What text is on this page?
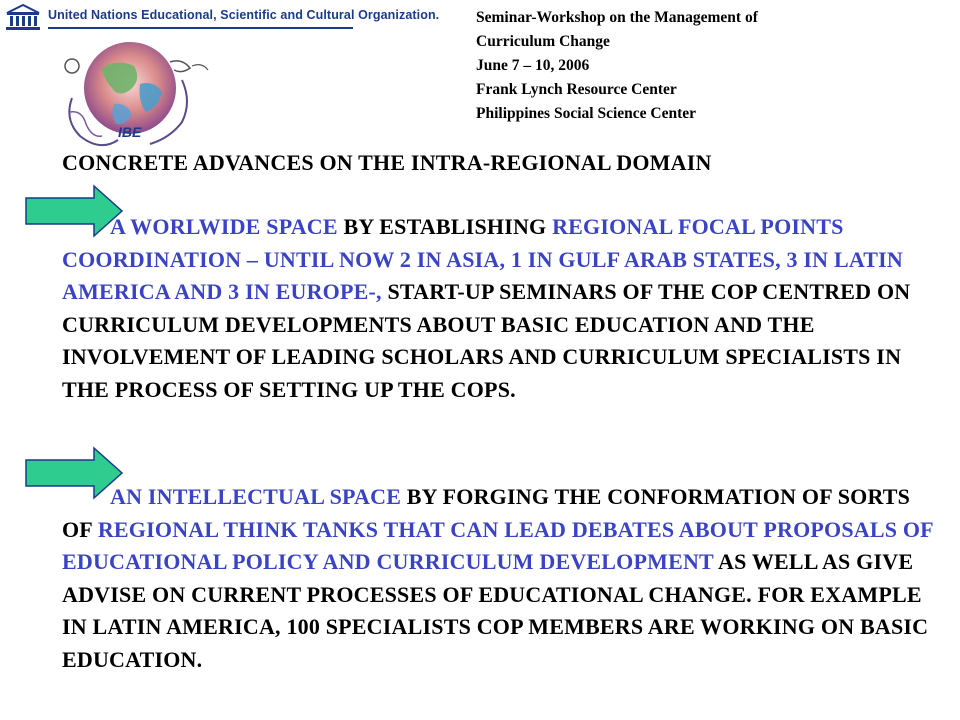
United Nations Educational, Scientific and Cultural Organization.
IBE
Seminar-Workshop on the Management of
Curriculum Change
June 7 – 10, 2006
Frank Lynch Resource Center
Philippines Social Science Center
CONCRETE ADVANCES ON THE INTRA-REGIONAL DOMAIN
A WORLWIDE SPACE BY ESTABLISHING REGIONAL FOCAL POINTS COORDINATION – UNTIL NOW 2 IN ASIA, 1 IN GULF ARAB STATES, 3 IN LATIN AMERICA AND 3 IN EUROPE-, START-UP SEMINARS OF THE COP CENTRED ON CURRICULUM DEVELOPMENTS ABOUT BASIC EDUCATION AND THE INVOLVEMENT OF LEADING SCHOLARS AND CURRICULUM SPECIALISTS IN THE PROCESS OF SETTING UP THE COPS.
AN INTELLECTUAL SPACE BY FORGING THE CONFORMATION OF SORTS OF REGIONAL THINK TANKS THAT CAN LEAD DEBATES ABOUT PROPOSALS OF EDUCATIONAL POLICY AND CURRICULUM DEVELOPMENT AS WELL AS GIVE ADVISE ON CURRENT PROCESSES OF EDUCATIONAL CHANGE. FOR EXAMPLE IN LATIN AMERICA, 100 SPECIALISTS COP MEMBERS ARE WORKING ON BASIC EDUCATION.
